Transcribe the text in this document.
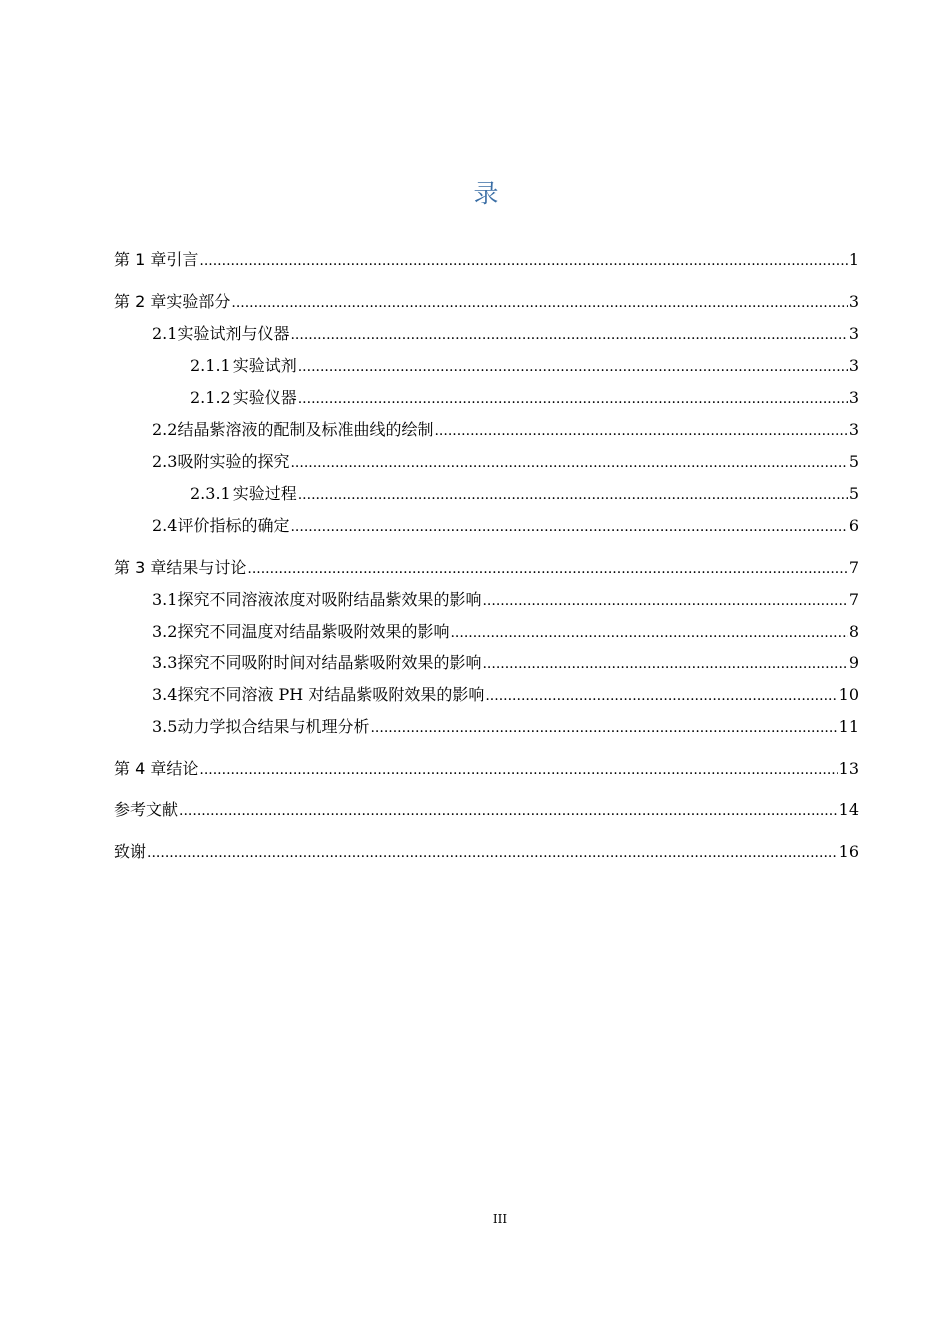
录
第 1 章 引言 .....	1
第 2 章 实验部分 .....	3
2.1 实验试剂与仪器 .....	3
2.1.1 实验试剂 .....	3
2.1.2 实验仪器 .....	3
2.2 结晶紫溶液的配制及标准曲线的绘制 .....	3
2.3 吸附实验的探究 .....	5
2.3.1 实验过程 .....	5
2.4 评价指标的确定 .....	6
第 3 章 结果与讨论 .....	7
3.1 探究不同溶液浓度对吸附结晶紫效果的影响 .....	7
3.2 探究不同温度对结晶紫吸附效果的影响 .....	8
3.3 探究不同吸附时间对结晶紫吸附效果的影响 .....	9
3.4 探究不同溶液 PH 对结晶紫吸附效果的影响 .....	10
3.5 动力学拟合结果与机理分析 .....	11
第 4 章 结论 .....	13
参考文献 .....	14
致谢 .....	16
III
